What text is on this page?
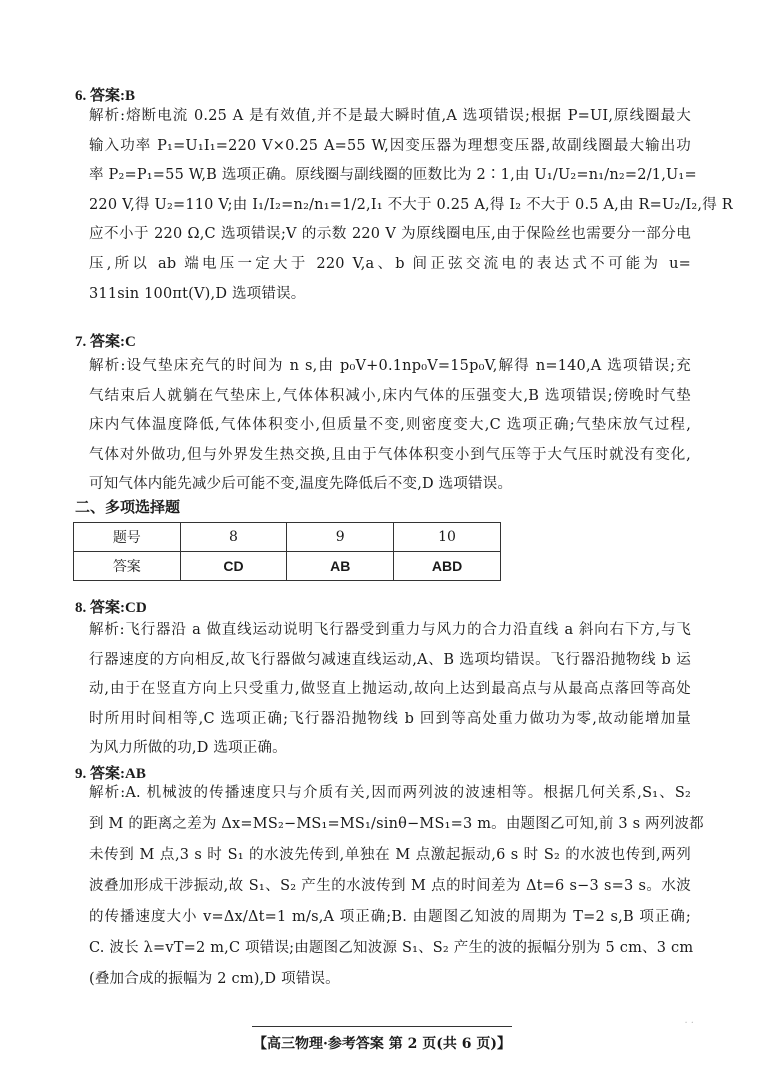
6. 答案:B
解析:熔断电流 0.25 A 是有效值,并不是最大瞬时值,A 选项错误;根据 P=UI,原线圈最大
输入功率 P₁=U₁I₁=220 V×0.25 A=55 W,因变压器为理想变压器,故副线圈最大输出功
率 P₂=P₁=55 W,B 选项正确。原线圈与副线圈的匝数比为 2∶1,由 U₁/U₂=n₁/n₂=2/1,U₁=
220 V,得 U₂=110 V;由 I₁/I₂=n₂/n₁=1/2,I₁ 不大于 0.25 A,得 I₂ 不大于 0.5 A,由 R=U₂/I₂,得 R
应不小于 220 Ω,C 选项错误;V 的示数 220 V 为原线圈电压,由于保险丝也需要分一部分电
压,所以 ab 端电压一定大于 220 V,a、b 间正弦交流电的表达式不可能为 u=
311sin 100πt(V),D 选项错误。
7. 答案:C
解析:设气垫床充气的时间为 n s,由 p₀V+0.1np₀V=15p₀V,解得 n=140,A 选项错误;充
气结束后人就躺在气垫床上,气体体积减小,床内气体的压强变大,B 选项错误;傍晚时气垫
床内气体温度降低,气体体积变小,但质量不变,则密度变大,C 选项正确;气垫床放气过程,
气体对外做功,但与外界发生热交换,且由于气体体积变小到气压等于大气压时就没有变化,
可知气体内能先减少后可能不变,温度先降低后不变,D 选项错误。
二、多项选择题
题号	8	9	10
答案	CD	AB	ABD
8. 答案:CD
解析:飞行器沿 a 做直线运动说明飞行器受到重力与风力的合力沿直线 a 斜向右下方,与飞
行器速度的方向相反,故飞行器做匀减速直线运动,A、B 选项均错误。飞行器沿抛物线 b 运
动,由于在竖直方向上只受重力,做竖直上抛运动,故向上达到最高点与从最高点落回等高处
时所用时间相等,C 选项正确;飞行器沿抛物线 b 回到等高处重力做功为零,故动能增加量
为风力所做的功,D 选项正确。
9. 答案:AB
解析:A. 机械波的传播速度只与介质有关,因而两列波的波速相等。根据几何关系,S₁、S₂
到 M 的距离之差为 Δx=MS₂−MS₁=MS₁/sinθ−MS₁=3 m。由题图乙可知,前 3 s 两列波都
未传到 M 点,3 s 时 S₁ 的水波先传到,单独在 M 点激起振动,6 s 时 S₂ 的水波也传到,两列
波叠加形成干涉振动,故 S₁、S₂ 产生的水波传到 M 点的时间差为 Δt=6 s−3 s=3 s。水波
的传播速度大小 v=Δx/Δt=1 m/s,A 项正确;B. 由题图乙知波的周期为 T=2 s,B 项正确;
C. 波长 λ=vT=2 m,C 项错误;由题图乙知波源 S₁、S₂ 产生的波的振幅分别为 5 cm、3 cm
(叠加合成的振幅为 2 cm),D 项错误。
【高三物理·参考答案 第 2 页(共 6 页)】
· ·
